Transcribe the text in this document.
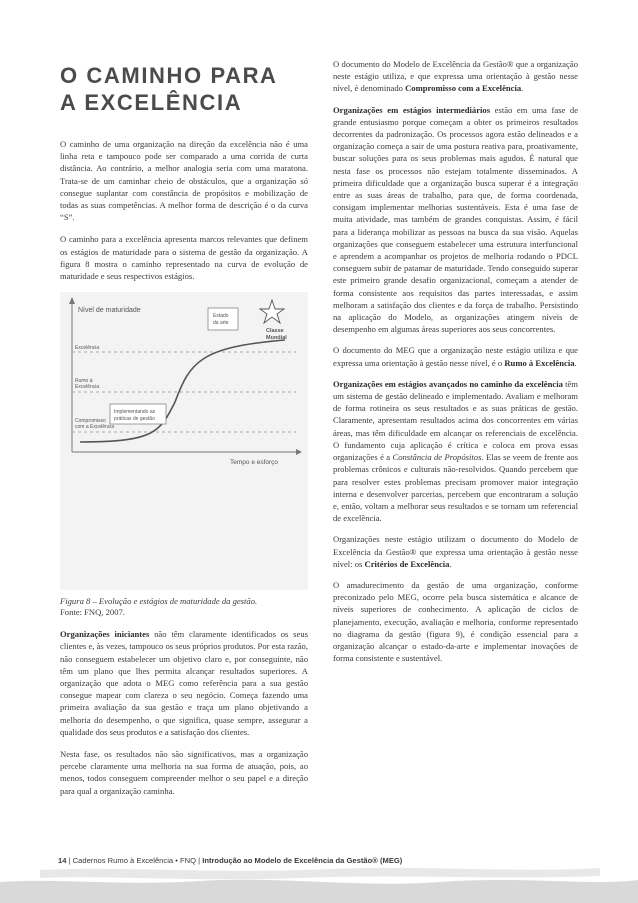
O CAMINHO PARA
A EXCELÊNCIA

O caminho de uma organização na direção da excelência não é uma linha reta e tampouco pode ser comparado a uma corrida de curta distância. Ao contrário, a melhor analogia seria com uma maratona. Trata-se de um caminhar cheio de obstáculos, que a organização só consegue suplantar com constância de propósitos e mobilização de todas as suas competências. A melhor forma de descrição é o da curva “S”.

O caminho para a excelência apresenta marcos relevantes que definem os estágios de maturidade para o sistema de gestão da organização. A figura 8 mostra o caminho representado na curva de evolução de maturidade e seus respectivos estágios.

Nível de maturidade
Estado
da arte
Classe
Mundial
Excelência
Rumo à
Excelência
Compromisso
com a Excelência
Implementando as
práticas de gestão
Tempo e esforço

Figura 8 – Evolução e estágios de maturidade da gestão.

Fonte: FNQ, 2007.

Organizações iniciantes não têm claramente identificados os seus clientes e, às vezes, tampouco os seus próprios produtos. Por esta razão, não conseguem estabelecer um objetivo claro e, por conseguinte, não têm um plano que lhes permita alcançar resultados superiores. A organização que adota o MEG como referência para a sua gestão consegue mapear com clareza o seu negócio. Começa fazendo uma primeira avaliação da sua gestão e traça um plano objetivando a melhoria do desempenho, o que significa, quase sempre, assegurar a qualidade dos seus produtos e a satisfação dos clientes.

Nesta fase, os resultados não são significativos, mas a organização percebe claramente uma melhoria na sua forma de atuação, pois, ao menos, todos conseguem compreender melhor o seu papel e a direção para qual a organização caminha.

O documento do Modelo de Excelência da Gestão® que a organização neste estágio utiliza, e que expressa uma orientação à gestão nesse nível, é denominado Compromisso com a Excelência.

Organizações em estágios intermediários estão em uma fase de grande entusiasmo porque começam a obter os primeiros resultados decorrentes da padronização. Os processos agora estão delineados e a organização começa a sair de uma postura reativa para, proativamente, buscar soluções para os seus problemas mais agudos. É natural que nesta fase os processos não estejam totalmente disseminados. A primeira dificuldade que a organização busca superar é a integração entre as suas áreas de trabalho, para que, de forma coordenada, consigam implementar melhorias sustentáveis. Esta é uma fase de muita atividade, mas também de grandes conquistas. Assim, é fácil para a liderança mobilizar as pessoas na busca da sua visão. Aquelas organizações que conseguem estabelecer uma estrutura interfuncional e aprendem a acompanhar os projetos de melhoria rodando o PDCL conseguem subir de patamar de maturidade. Tendo conseguido superar este primeiro grande desafio organizacional, começam a atender de forma consistente aos requisitos das partes interessadas, e assim melhoram a satisfação dos clientes e da força de trabalho. Persistindo na aplicação do Modelo, as organizações atingem níveis de desempenho em algumas áreas superiores aos seus concorrentes.

O documento do MEG que a organização neste estágio utiliza e que expressa uma orientação à gestão nesse nível, é o Rumo à Excelência.

Organizações em estágios avançados no caminho da excelência têm um sistema de gestão delineado e implementado. Avaliam e melhoram de forma rotineira os seus resultados e as suas práticas de gestão. Claramente, apresentam resultados acima dos concorrentes em várias áreas, mas têm dificuldade em alcançar os referenciais de excelência. O fundamento cuja aplicação é crítica e coloca em prova essas organizações é a Constância de Propósitos. Elas se veem de frente aos problemas crônicos e culturais não-resolvidos. Quando percebem que para resolver estes problemas precisam promover maior integração interna e desenvolver parcerias, percebem que encontraram a solução e, então, voltam a melhorar seus resultados e se tornam um referencial de excelência.

Organizações neste estágio utilizam o documento do Modelo de Excelência da Gestão® que expressa uma orientação à gestão nesse nível: os Critérios de Excelência.

O amadurecimento da gestão de uma organização, conforme preconizado pelo MEG, ocorre pela busca sistemática e alcance de níveis superiores de conhecimento. A aplicação de ciclos de planejamento, execução, avaliação e melhoria, conforme representado no diagrama da gestão (figura 9), é condição essencial para a organização alcançar o estado-da-arte e implementar inovações de forma consistente e sustentável.

14 | Cadernos Rumo à Excelência • FNQ | Introdução ao Modelo de Excelência da Gestão® (MEG)
